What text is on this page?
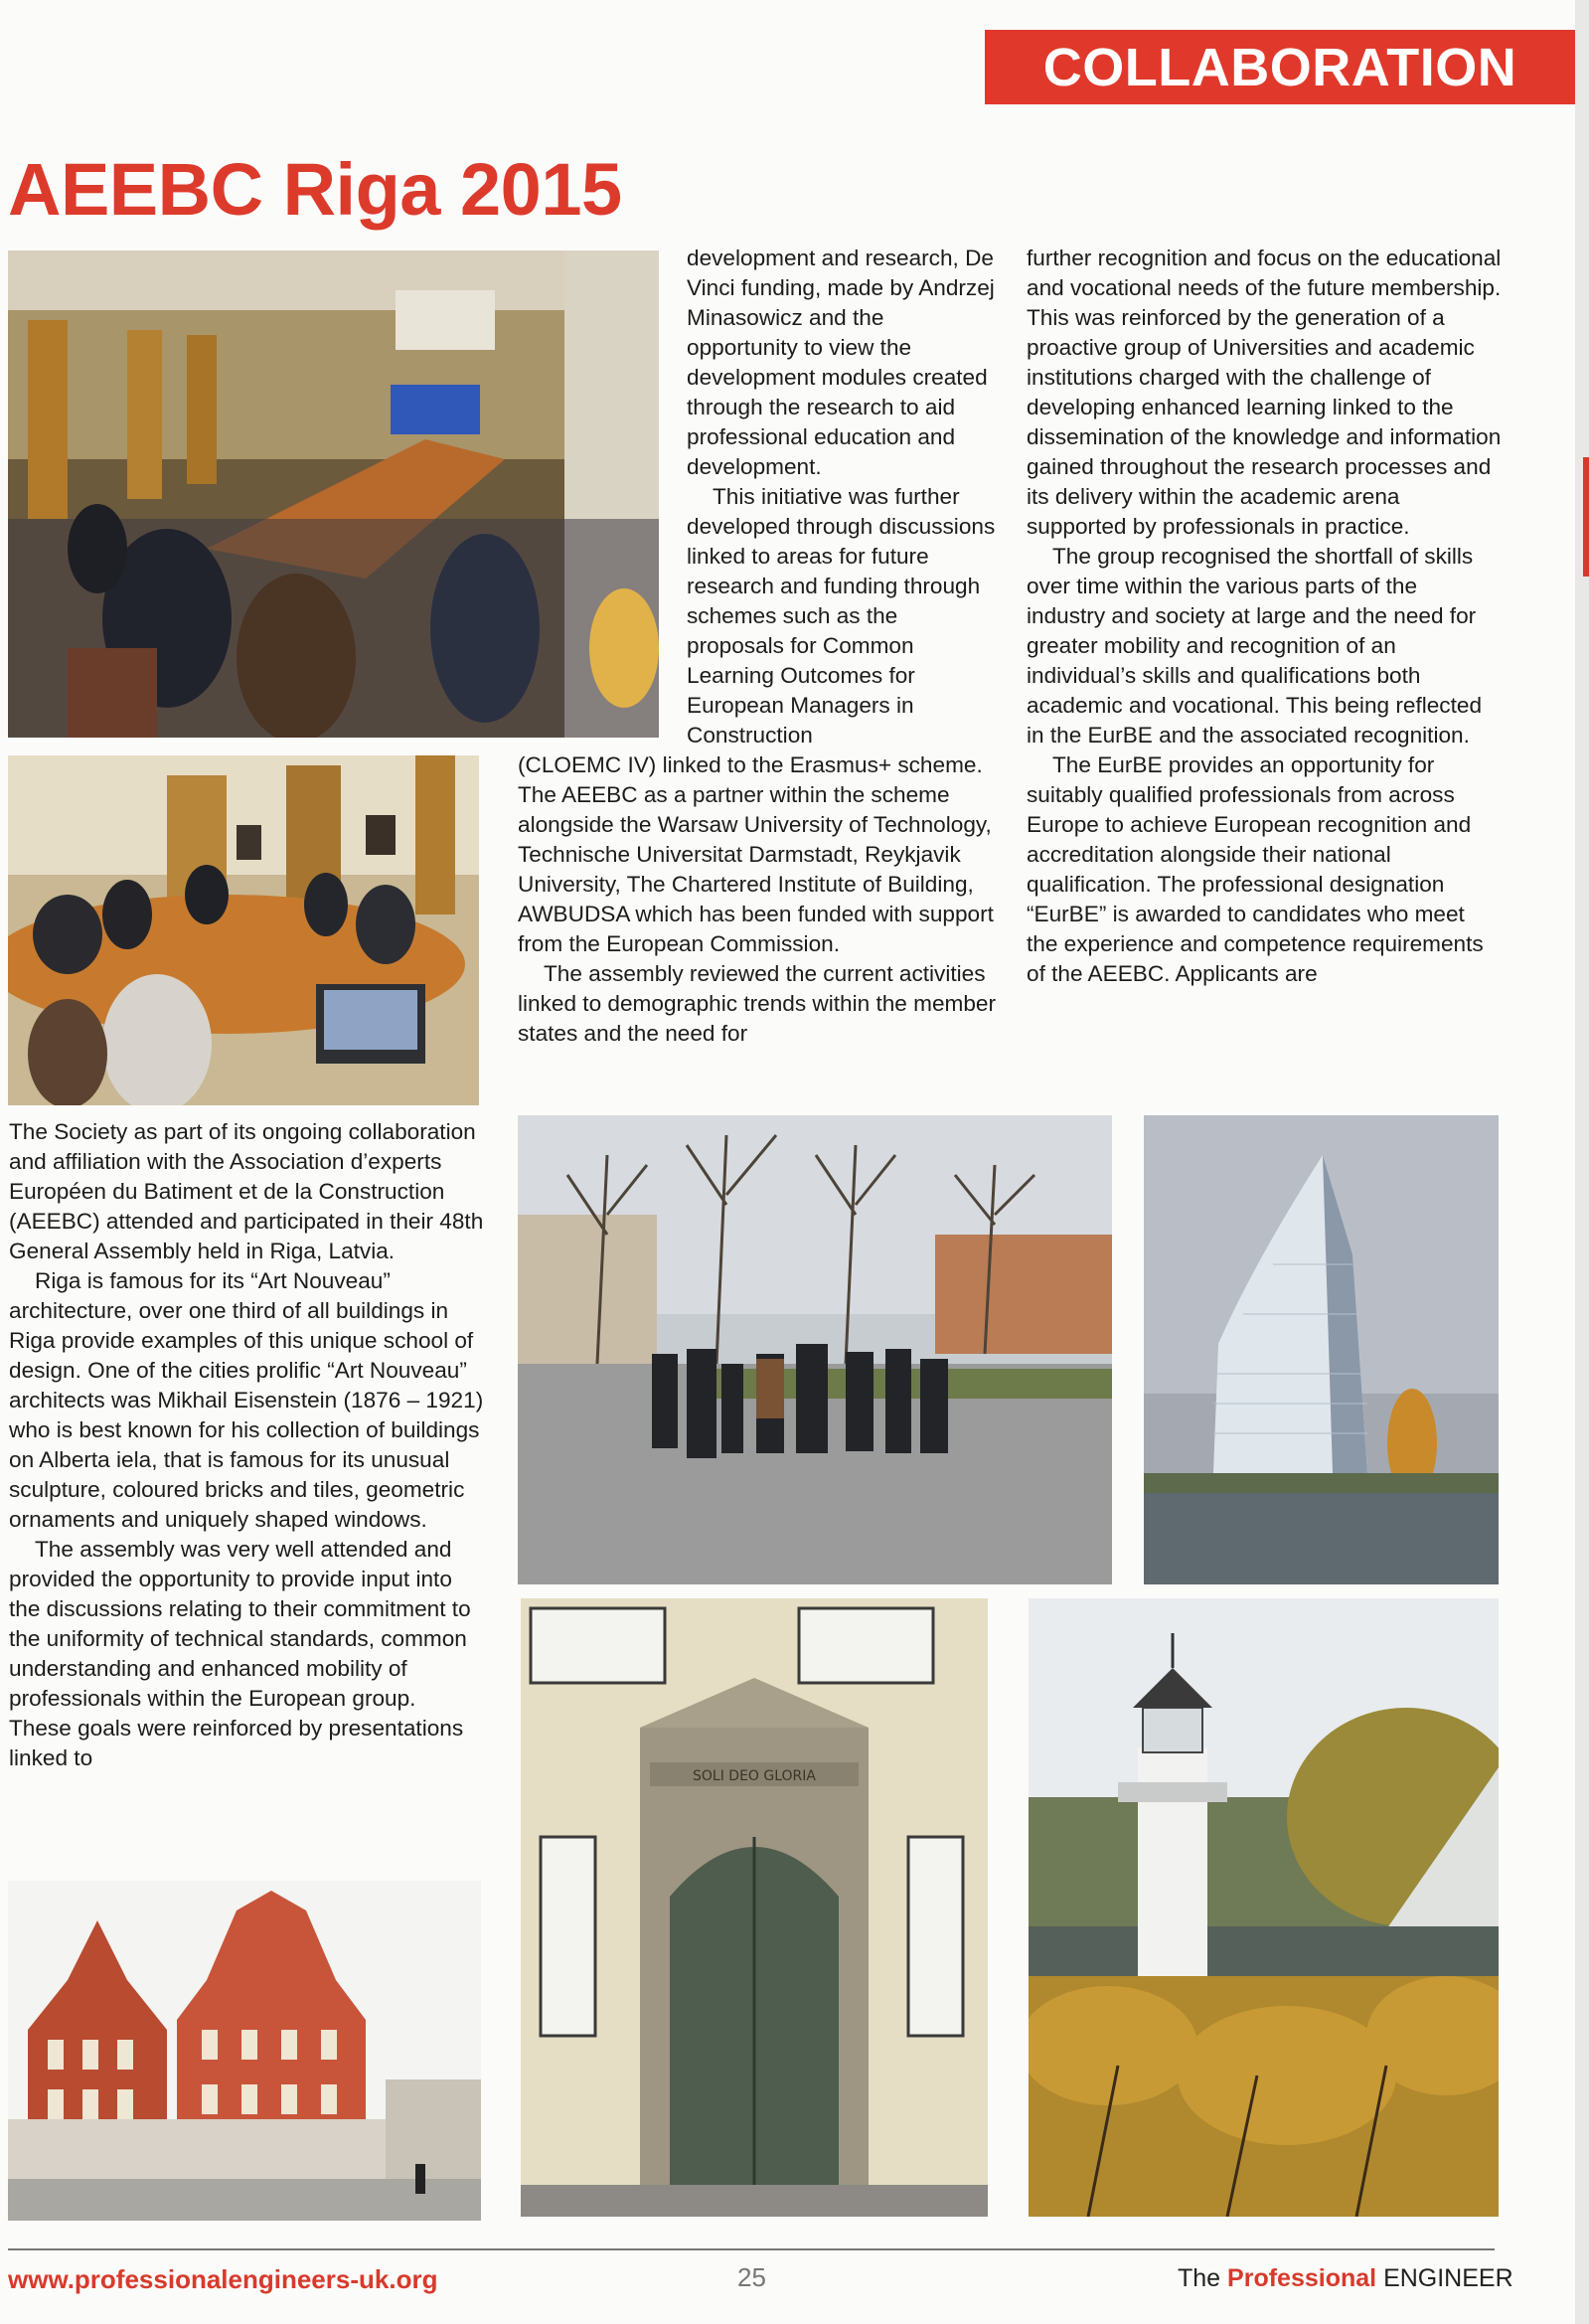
COLLABORATION
AEEBC Riga 2015
SOLI DEO GLORIA

The Society as part of its ongoing collaboration and affiliation with the Association d’experts Européen du Batiment et de la Construction (AEEBC) attended and participated in their 48th General Assembly held in Riga, Latvia.

Riga is famous for its “Art Nouveau” architecture, over one third of all buildings in Riga provide examples of this unique school of design. One of the cities prolific “Art Nouveau” architects was Mikhail Eisenstein (1876 – 1921) who is best known for his collection of buildings on Alberta iela, that is famous for its unusual sculpture, coloured bricks and tiles, geometric ornaments and uniquely shaped windows.

The assembly was very well attended and provided the opportunity to provide input into the discussions relating to their commitment to the uniformity of technical standards, common understanding and enhanced mobility of professionals within the European group. These goals were reinforced by presentations linked to

development and research, De Vinci funding, made by Andrzej Minasowicz and the opportunity to view the development modules created through the research to aid professional education and development.

This initiative was further developed through discussions linked to areas for future research and funding through schemes such as the proposals for Common Learning Outcomes for European Managers in Construction

(CLOEMC IV) linked to the Erasmus+ scheme. The AEEBC as a partner within the scheme alongside the Warsaw University of Technology, Technische Universitat Darmstadt, Reykjavik University, The Chartered Institute of Building, AWBUDSA which has been funded with support from the European Commission.

The assembly reviewed the current activities linked to demographic trends within the member states and the need for

further recognition and focus on the educational and vocational needs of the future membership. This was reinforced by the generation of a proactive group of Universities and academic institutions charged with the challenge of developing enhanced learning linked to the dissemination of the knowledge and information gained throughout the research processes and its delivery within the academic arena supported by professionals in practice.

The group recognised the shortfall of skills over time within the various parts of the industry and society at large and the need for greater mobility and recognition of an individual’s skills and qualifications both academic and vocational. This being reflected in the EurBE and the associated recognition.

The EurBE provides an opportunity for suitably qualified professionals from across Europe to achieve European recognition and accreditation alongside their national qualification. The professional designation “EurBE” is awarded to candidates who meet the experience and competence requirements of the AEEBC. Applicants are

www.professionalengineers-uk.org	25	The Professional ENGINEER
